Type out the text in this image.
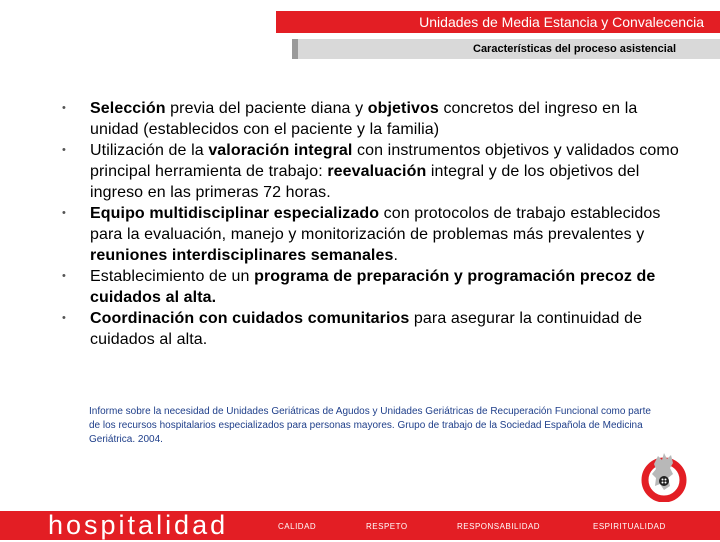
Unidades de Media Estancia y Convalecencia
Características del proceso asistencial
•	Selección previa del paciente diana y objetivos concretos del ingreso en la unidad (establecidos con el paciente y la familia)
•	Utilización de la valoración integral con instrumentos objetivos y validados como principal herramienta de trabajo: reevaluación integral y de los objetivos del ingreso en las primeras 72 horas.
•	Equipo multidisciplinar especializado con protocolos de trabajo establecidos para la evaluación, manejo y monitorización de problemas más prevalentes y reuniones interdisciplinares semanales.
•	Establecimiento de un programa de preparación y programación precoz de cuidados al alta.
•	Coordinación con cuidados comunitarios para asegurar la continuidad de cuidados al alta.
Informe sobre la necesidad de Unidades Geriátricas de Agudos y Unidades Geriátricas de Recuperación Funcional como parte de los recursos hospitalarios especializados para personas mayores. Grupo de trabajo de la Sociedad Española de Medicina Geriátrica. 2004.
hospitalidad	CALIDAD	RESPETO	RESPONSABILIDAD	ESPIRITUALIDAD
